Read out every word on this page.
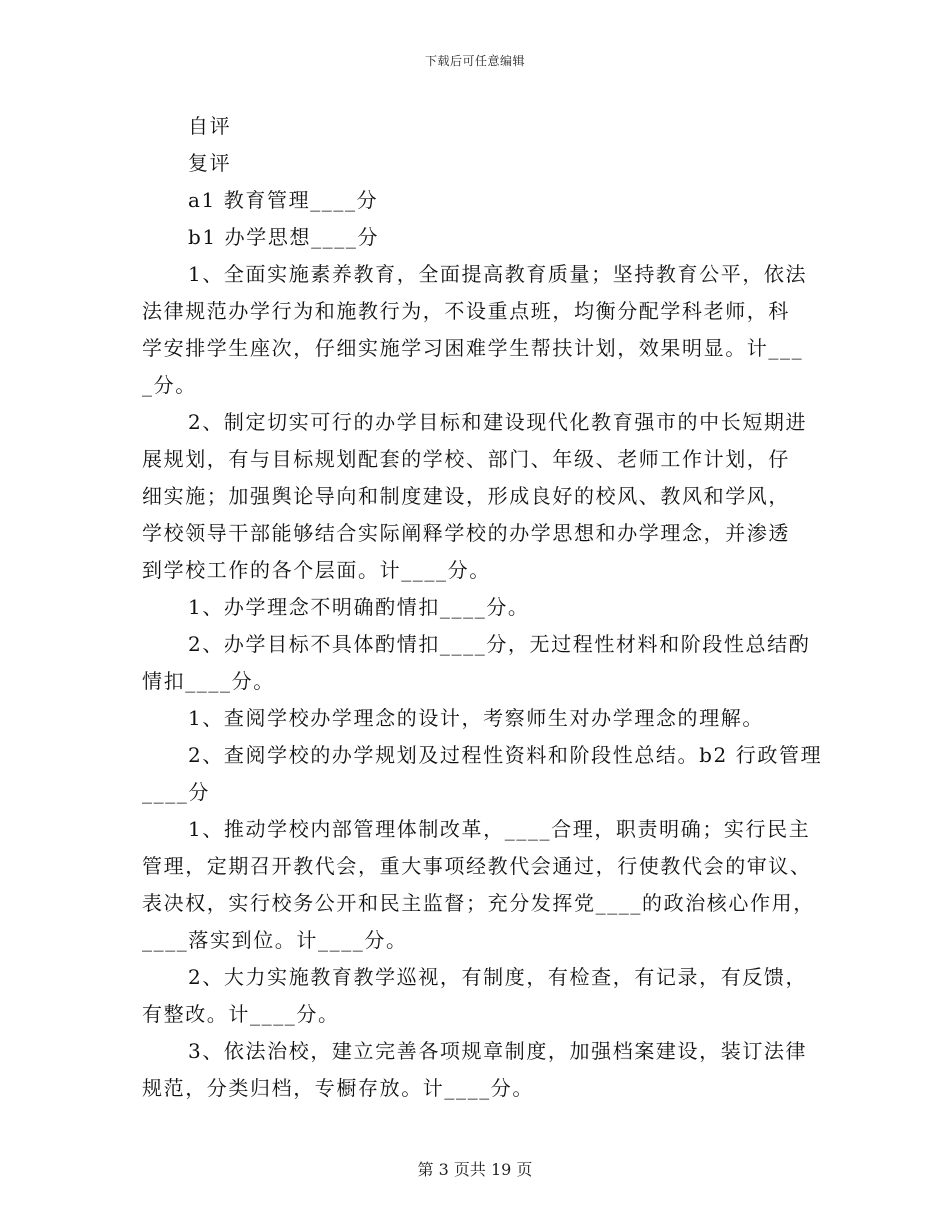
下载后可任意编辑
自评
复评
a1 教育管理____分
b1 办学思想____分
1、全面实施素养教育，全面提高教育质量；坚持教育公平，依法
法律规范办学行为和施教行为，不设重点班，均衡分配学科老师，科
学安排学生座次，仔细实施学习困难学生帮扶计划，效果明显。计___
_分。
2、制定切实可行的办学目标和建设现代化教育强市的中长短期进
展规划，有与目标规划配套的学校、部门、年级、老师工作计划，仔
细实施；加强舆论导向和制度建设，形成良好的校风、教风和学风，
学校领导干部能够结合实际阐释学校的办学思想和办学理念，并渗透
到学校工作的各个层面。计____分。
1、办学理念不明确酌情扣____分。
2、办学目标不具体酌情扣____分，无过程性材料和阶段性总结酌
情扣____分。
1、查阅学校办学理念的设计，考察师生对办学理念的理解。
2、查阅学校的办学规划及过程性资料和阶段性总结。b2 行政管理
____分
1、推动学校内部管理体制改革，____合理，职责明确；实行民主
管理，定期召开教代会，重大事项经教代会通过，行使教代会的审议、
表决权，实行校务公开和民主监督；充分发挥党____的政治核心作用，
____落实到位。计____分。
2、大力实施教育教学巡视，有制度，有检查，有记录，有反馈，
有整改。计____分。
3、依法治校，建立完善各项规章制度，加强档案建设，装订法律
规范，分类归档，专橱存放。计____分。
第 3 页共 19 页
